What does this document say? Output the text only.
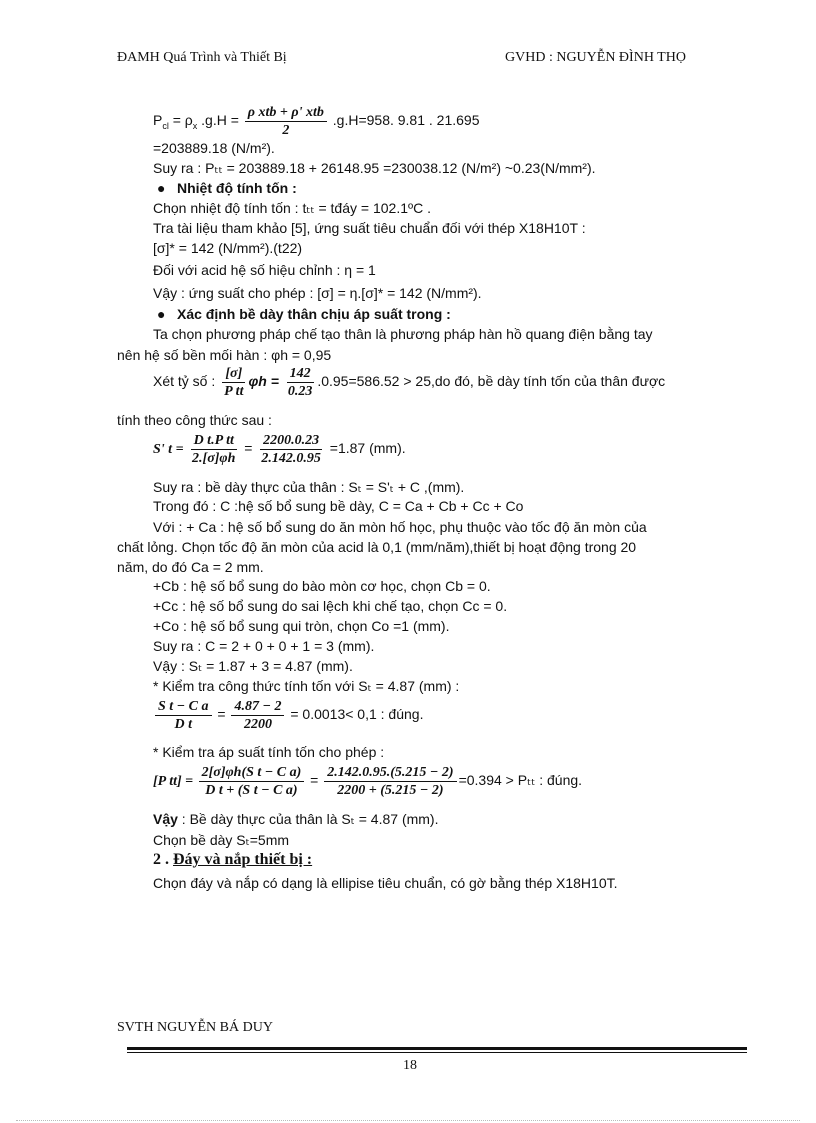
ĐAMH Quá Trình và Thiết Bị	GVHD : NGUYỄN ĐÌNH THỌ
$P_{cl} = \rho_x$ $.g.H = \frac{\text{ρ xtb + ρ' xtb}}{2} .g.H=958$. 9.81 . 21.695
=203889.18 (N/m²).
Suy ra : Pₜₜ = 203889.18 + 26148.95 =230038.12 (N/m²) ~0.23(N/mm²).
● Nhiệt độ tính tốn :
Chọn nhiệt độ tính tốn : tₜₜ = tđáy = 102.1ºC .
Tra tài liệu tham khảo [5], ứng suất tiêu chuẩn đối với thép X18H10T :
[σ]* = 142 (N/mm²).(t22)
Đối với acid hệ số hiệu chỉnh : η = 1
Vậy : ứng suất cho phép : [σ] = η.[σ]* = 142 (N/mm²).
● Xác định bề dày thân chịu áp suất trong :
Ta chọn phương pháp chế tạo thân là phương pháp hàn hồ quang điện bằng tay
nên hệ số bền mối hàn : φh = 0,95
Xét tỷ số : $\frac{[\sigma]}{\text{P tt}}$ $\varphi h = \frac{142}{0.23} .0.95=586.52 > 25,do$ đó, bề dày tính tốn của thân được
tính theo công thức sau :
S' $t = \frac{\text{D t.P tt}}{2.[\sigma]\varphi h} = \frac{2200.0.23}{2.142.0.95} =1.87$ (mm).
Suy ra : bề dày thực của thân : Sₜ = S'ₜ + C ,(mm).
Trong đó : C :hệ số bổ sung bề dày, C = Ca + Cb + Cc + Co
Với : + Ca : hệ số bổ sung do ăn mòn hố học, phụ thuộc vào tốc độ ăn mòn của
chất lỏng. Chọn tốc độ ăn mòn của acid là 0,1 (mm/năm),thiết bị hoạt động trong 20
năm, do đó Ca = 2 mm.
+Cb : hệ số bổ sung do bào mòn cơ học, chọn Cb = 0.
+Cc : hệ số bổ sung do sai lệch khi chế tạo, chọn Cc = 0.
+Co : hệ số bổ sung qui tròn, chọn Co =1 (mm).
Suy ra : C = 2 + 0 + 0 + 1 = 3 (mm).
Vậy : Sₜ = 1.87 + 3 = 4.87 (mm).
* Kiểm tra công thức tính tốn với Sₜ = 4.87 (mm) :
$\frac{\text{S t − C a}}{\text{D t}} = \frac{4.87 - 2}{2200} = 0.0013< 0,1$ : đúng.
* Kiểm tra áp suất tính tốn cho phép :
[P $tt] = \frac{\text{2[σ]φh(S t − C a)}}{\text{D t + (S t − C a)}} = \frac{2.142.0.95.(5.215 - 2)}{2200 + (5.215 - 2)} =0.394 > P_{tt}$ : đúng.
Vậy : Bề dày thực của thân là Sₜ = 4.87 (mm).
Chọn bề dày Sₜ=5mm
2 . Đáy và nắp thiết bị :
Chọn đáy và nắp có dạng là ellipise tiêu chuẩn, có gờ bằng thép X18H10T.
SVTH NGUYỄN BÁ DUY
18
